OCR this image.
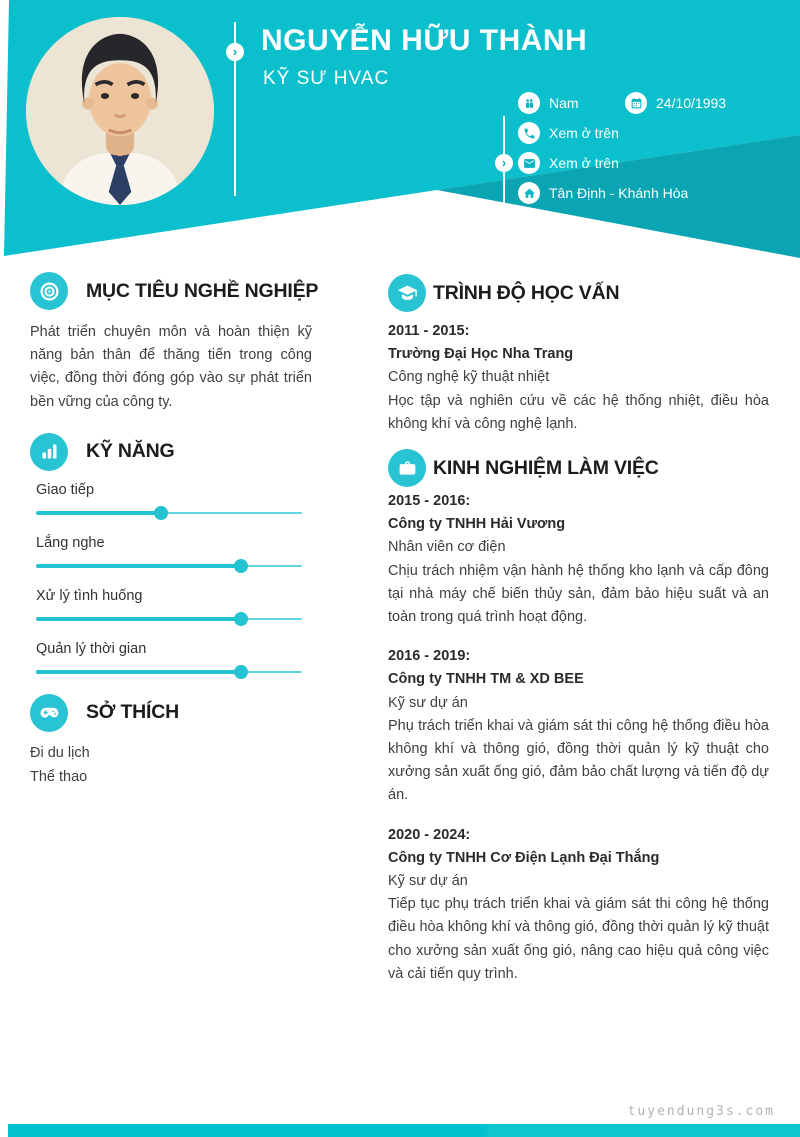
›
›
NGUYỄN HỮU THÀNH
KỸ SƯ HVAC
Nam	24/10/1993
Xem ở trên
Xem ở trên
Tân Định - Khánh Hòa
MỤC TIÊU NGHỀ NGHIỆP

Phát triển chuyên môn và hoàn thiện kỹ năng bản thân để thăng tiến trong công việc, đồng thời đóng góp vào sự phát triển bền vững của công ty.

KỸ NĂNG
Giao tiếp
Lắng nghe
Xử lý tình huống
Quản lý thời gian
SỞ THÍCH
Đi du lịch
Thể thao
TRÌNH ĐỘ HỌC VẤN
2011 - 2015:
Trường Đại Học Nha Trang
Công nghệ kỹ thuật nhiệt
Học tập và nghiên cứu về các hệ thống nhiệt, điều hòa không khí và công nghệ lạnh.
KINH NGHIỆM LÀM VIỆC
2015 - 2016:
Công ty TNHH Hải Vương
Nhân viên cơ điện
Chịu trách nhiệm vận hành hệ thống kho lạnh và cấp đông tại nhà máy chế biến thủy sản, đảm bảo hiệu suất và an toàn trong quá trình hoạt động.
2016 - 2019:
Công ty TNHH TM & XD BEE
Kỹ sư dự án
Phụ trách triển khai và giám sát thi công hệ thống điều hòa không khí và thông gió, đồng thời quản lý kỹ thuật cho xưởng sản xuất ống gió, đảm bảo chất lượng và tiến độ dự án.
2020 - 2024:
Công ty TNHH Cơ Điện Lạnh Đại Thắng
Kỹ sư dự án
Tiếp tục phụ trách triển khai và giám sát thi công hệ thống điều hòa không khí và thông gió, đồng thời quản lý kỹ thuật cho xưởng sản xuất ống gió, nâng cao hiệu quả công việc và cải tiến quy trình.
tuyendung3s.com
